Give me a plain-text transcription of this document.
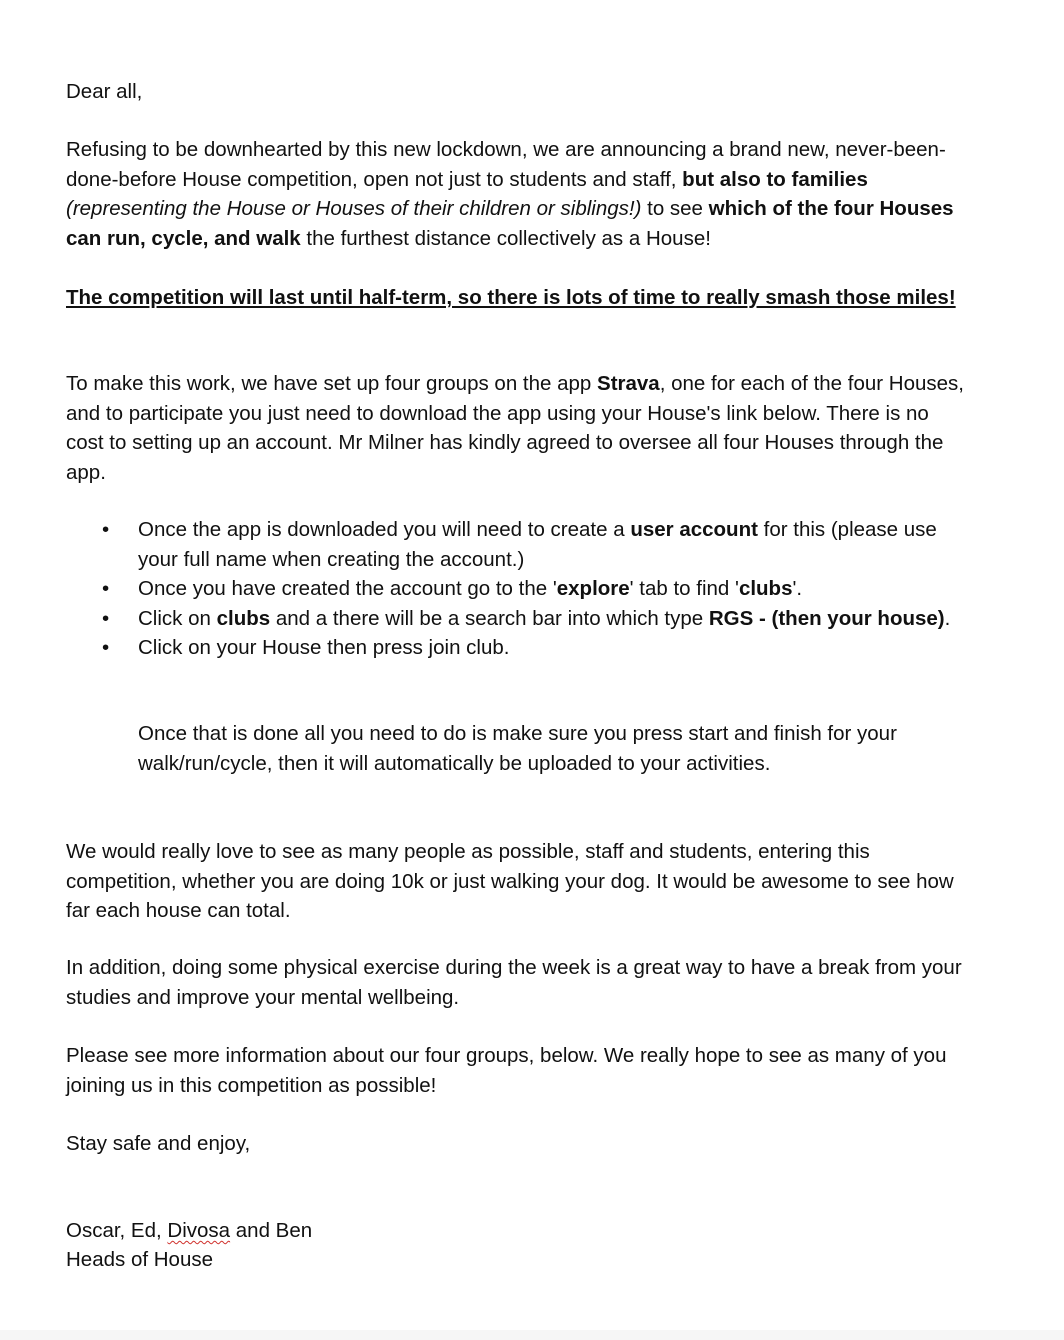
Dear all,

Refusing to be downhearted by this new lockdown, we are announcing a brand new, never-been-done-before House competition, open not just to students and staff, but also to families (representing the House or Houses of their children or siblings!) to see which of the four Houses can run, cycle, and walk the furthest distance collectively as a House!

The competition will last until half-term, so there is lots of time to really smash those miles!

To make this work, we have set up four groups on the app Strava, one for each of the four Houses, and to participate you just need to download the app using your House's link below. There is no cost to setting up an account. Mr Milner has kindly agreed to oversee all four Houses through the app.

• Once the app is downloaded you will need to create a user account for this (please use your full name when creating the account.)
• Once you have created the account go to the 'explore' tab to find 'clubs'.
• Click on clubs and a there will be a search bar into which type RGS - (then your house).
• Click on your House then press join club.

Once that is done all you need to do is make sure you press start and finish for your walk/run/cycle, then it will automatically be uploaded to your activities.

We would really love to see as many people as possible, staff and students, entering this competition, whether you are doing 10k or just walking your dog. It would be awesome to see how far each house can total.

In addition, doing some physical exercise during the week is a great way to have a break from your studies and improve your mental wellbeing.

Please see more information about our four groups, below. We really hope to see as many of you joining us in this competition as possible!

Stay safe and enjoy,

Oscar, Ed, Divosa and Ben

Heads of House
